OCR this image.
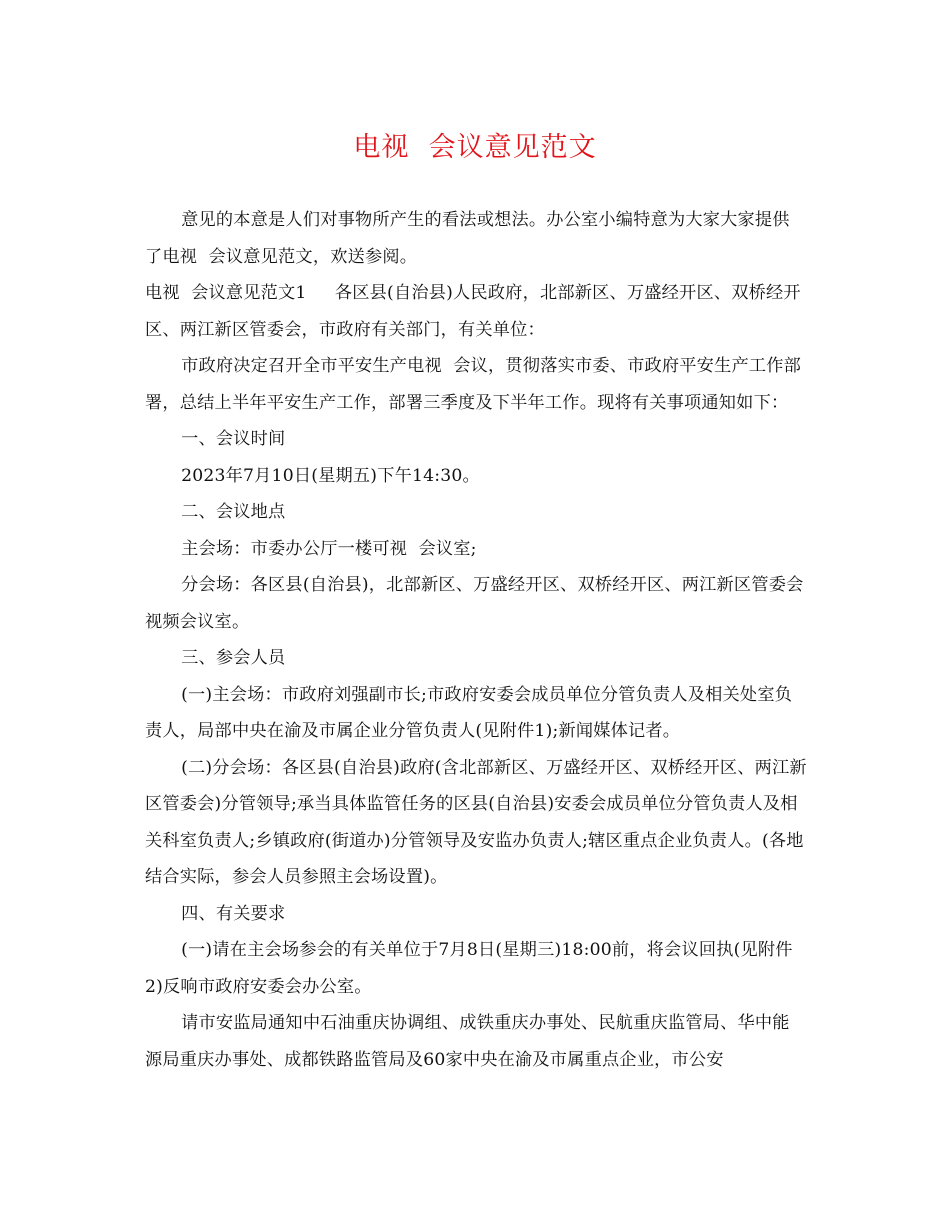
电视  会议意见范文

意见的本意是人们对事物所产生的看法或想法。办公室小编特意为大家大家提供了电视  会议意见范文，欢送参阅。

电视  会议意见范文1     各区县(自治县)人民政府，北部新区、万盛经开区、双桥经开区、两江新区管委会，市政府有关部门，有关单位：

市政府决定召开全市平安生产电视  会议，贯彻落实市委、市政府平安生产工作部署，总结上半年平安生产工作，部署三季度及下半年工作。现将有关事项通知如下：

一、会议时间

2023年7月10日(星期五)下午14:30。

二、会议地点

主会场：市委办公厅一楼可视  会议室;

分会场：各区县(自治县)，北部新区、万盛经开区、双桥经开区、两江新区管委会视频会议室。

三、参会人员

(一)主会场：市政府刘强副市长;市政府安委会成员单位分管负责人及相关处室负责人，局部中央在渝及市属企业分管负责人(见附件1);新闻媒体记者。

(二)分会场：各区县(自治县)政府(含北部新区、万盛经开区、双桥经开区、两江新区管委会)分管领导;承当具体监管任务的区县(自治县)安委会成员单位分管负责人及相关科室负责人;乡镇政府(街道办)分管领导及安监办负责人;辖区重点企业负责人。(各地结合实际，参会人员参照主会场设置)。

四、有关要求

(一)请在主会场参会的有关单位于7月8日(星期三)18:00前，将会议回执(见附件2)反响市政府安委会办公室。

请市安监局通知中石油重庆协调组、成铁重庆办事处、民航重庆监管局、华中能源局重庆办事处、成都铁路监管局及60家中央在渝及市属重点企业，市公安
